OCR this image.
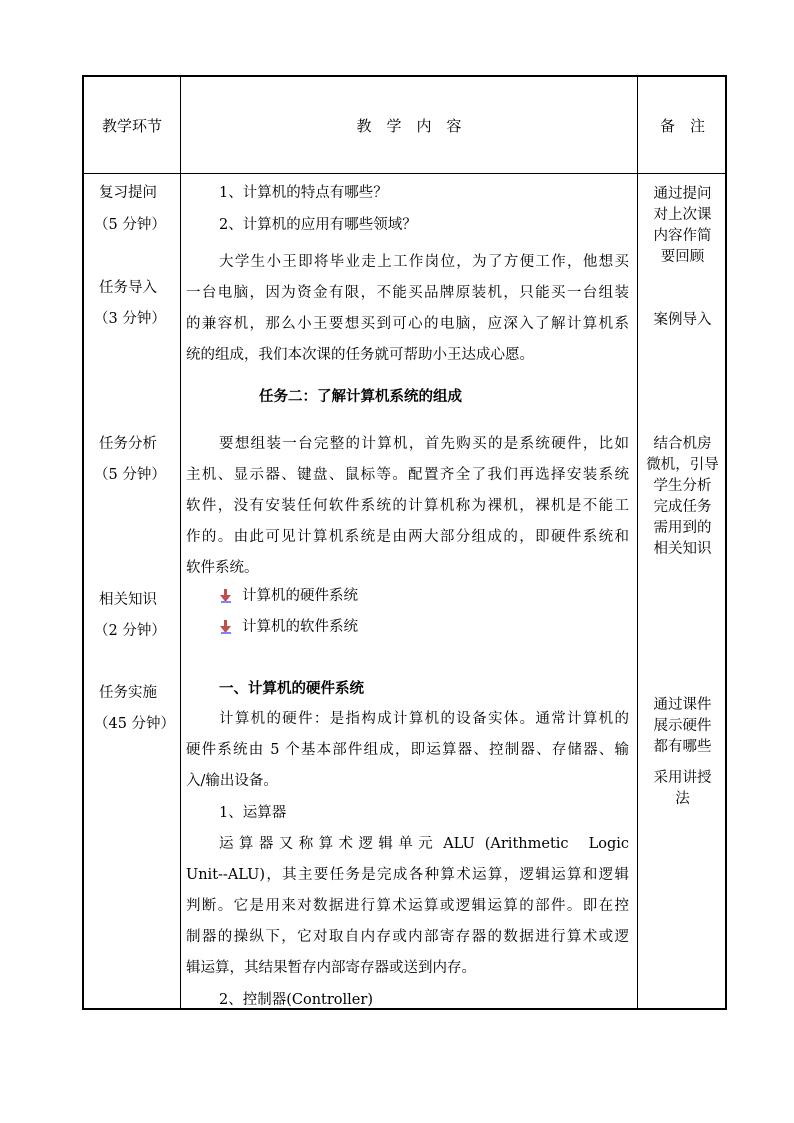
教学环节	教　学　内　容	备　注
复习提问
（5 分钟）
任务导入
（3 分钟）
任务分析
（5 分钟）
相关知识
（2 分钟）
任务实施
（45 分钟）
1、计算机的特点有哪些？
2、计算机的应用有哪些领域？
大学生小王即将毕业走上工作岗位，为了方便工作，他想买
一台电脑，因为资金有限，不能买品牌原装机，只能买一台组装
的兼容机，那么小王要想买到可心的电脑，应深入了解计算机系
统的组成，我们本次课的任务就可帮助小王达成心愿。
任务二：了解计算机系统的组成
要想组装一台完整的计算机，首先购买的是系统硬件，比如
主机、显示器、键盘、鼠标等。配置齐全了我们再选择安装系统
软件，没有安装任何软件系统的计算机称为裸机，裸机是不能工
作的。由此可见计算机系统是由两大部分组成的，即硬件系统和
软件系统。
计算机的硬件系统
计算机的软件系统
一、计算机的硬件系统
计算机的硬件：是指构成计算机的设备实体。通常计算机的
硬件系统由 5 个基本部件组成，即运算器、控制器、存储器、输
入/输出设备。
1、运算器
运 算 器 又 称 算 术 逻 辑 单 元  ALU  (Arithmetic    Logic
Unit--ALU)，其主要任务是完成各种算术运算，逻辑运算和逻辑
判断。它是用来对数据进行算术运算或逻辑运算的部件。即在控
制器的操纵下，它对取自内存或内部寄存器的数据进行算术或逻
辑运算，其结果暂存内部寄存器或送到内存。
2、控制器(Controller)
通过提问
对上次课
内容作简
要回顾
案例导入
结合机房
微机，引导
学生分析
完成任务
需用到的
相关知识
通过课件
展示硬件
都有哪些
采用讲授
法
